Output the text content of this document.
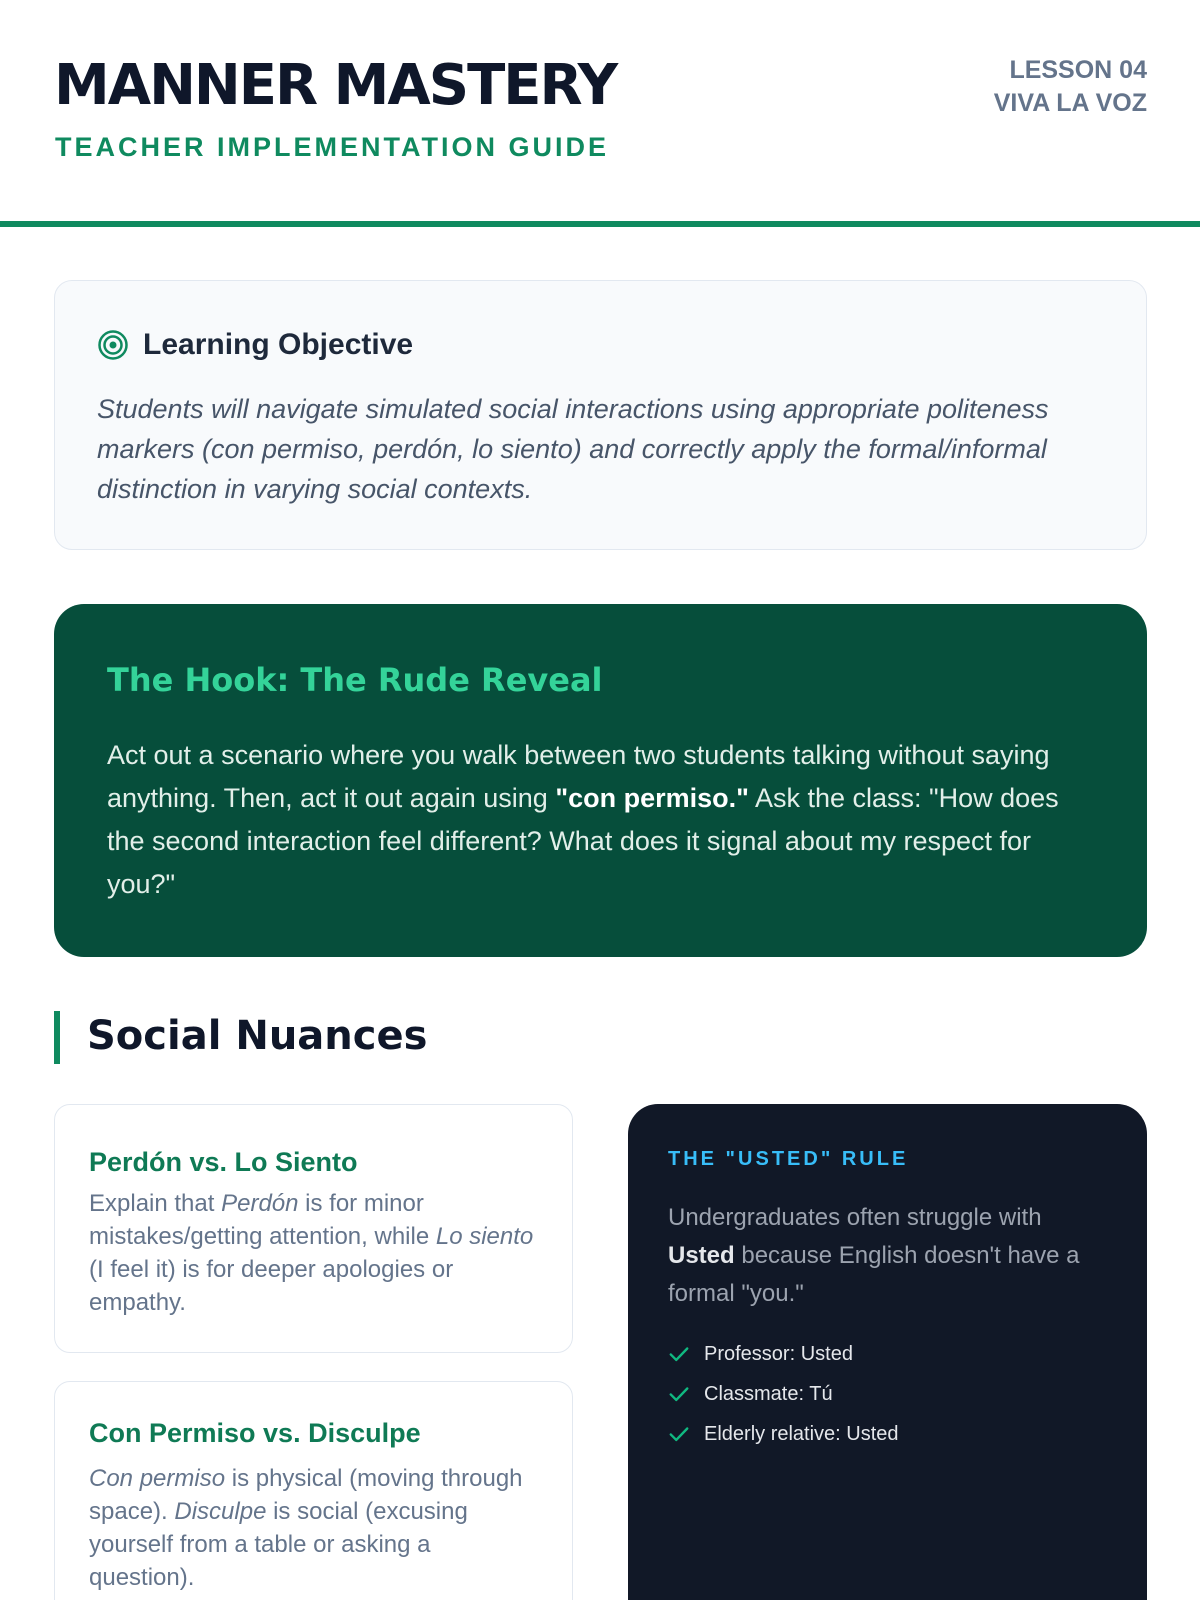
MANNER MASTERY
TEACHER IMPLEMENTATION GUIDE
LESSON 04
VIVA LA VOZ
Learning Objective

Students will navigate simulated social interactions using appropriate politeness markers (con permiso, perdón, lo siento) and correctly apply the formal/informal distinction in varying social contexts.

The Hook: The Rude Reveal

Act out a scenario where you walk between two students talking without saying anything. Then, act it out again using "con permiso." Ask the class: "How does the second interaction feel different? What does it signal about my respect for you?"

Social Nuances
Perdón vs. Lo Siento

Explain that Perdón is for minor mistakes/getting attention, while Lo siento (I feel it) is for deeper apologies or empathy.

Con Permiso vs. Disculpe

Con permiso is physical (moving through space). Disculpe is social (excusing yourself from a table or asking a question).

THE "USTED" RULE

Undergraduates often struggle with Usted because English doesn't have a formal "you."

Professor: Usted
Classmate: Tú
Elderly relative: Usted
